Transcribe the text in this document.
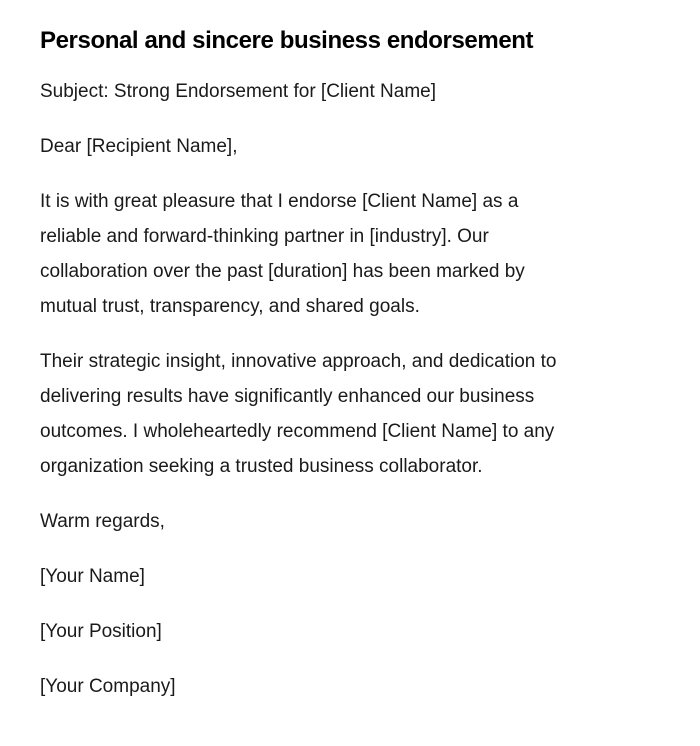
Personal and sincere business endorsement

Subject: Strong Endorsement for [Client Name]

Dear [Recipient Name],

It is with great pleasure that I endorse [Client Name] as a
reliable and forward-thinking partner in [industry]. Our
collaboration over the past [duration] has been marked by
mutual trust, transparency, and shared goals.

Their strategic insight, innovative approach, and dedication to
delivering results have significantly enhanced our business
outcomes. I wholeheartedly recommend [Client Name] to any
organization seeking a trusted business collaborator.

Warm regards,

[Your Name]

[Your Position]

[Your Company]
